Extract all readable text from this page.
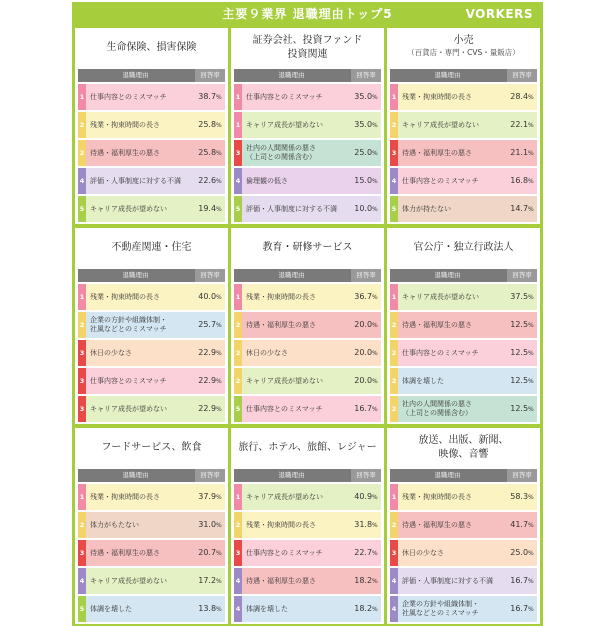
主要９業界 退職理由トップ5	VORKERS
生命保険、損害保険
退職理由	回答率
1 仕事内容とのミスマッチ	38.7%
2 残業・拘束時間の長さ	25.8%
2 待遇・福利厚生の悪さ	25.8%
4 評価・人事制度に対する不満	22.6%
5 キャリア成長が望めない	19.4%
証券会社、投資ファンド
投資関連
退職理由	回答率
1 仕事内容とのミスマッチ	35.0%
1 キャリア成長が望めない	35.0%
3
社内の人間関係の悪さ
（上司との関係含む）	25.0%
4 倫理観の低さ	15.0%
5 評価・人事制度に対する不満	10.0%
小売
（百貨店・専門・CVS・量販店）
退職理由	回答率
1 残業・拘束時間の長さ	28.4%
2 キャリア成長が望めない	22.1%
3 待遇・福利厚生の悪さ	21.1%
4 仕事内容とのミスマッチ	16.8%
5 体力が持たない	14.7%
不動産関連・住宅
退職理由	回答率
1 残業・拘束時間の長さ	40.0%
2
企業の方針や組織体制・
社風などとのミスマッチ	25.7%
3 休日の少なさ	22.9%
3 仕事内容とのミスマッチ	22.9%
3 キャリア成長が望めない	22.9%
教育・研修サービス
退職理由	回答率
1 残業・拘束時間の長さ	36.7%
2 待遇・福利厚生の悪さ	20.0%
2 休日の少なさ	20.0%
2 キャリア成長が望めない	20.0%
5 仕事内容とのミスマッチ	16.7%
官公庁・独立行政法人
退職理由	回答率
1 キャリア成長が望めない	37.5%
2 待遇・福利厚生の悪さ	12.5%
2 仕事内容とのミスマッチ	12.5%
2 体調を壊した	12.5%
2
社内の人間関係の悪さ
（上司との関係含む）	12.5%
フードサービス、飲食
退職理由	回答率
1 残業・拘束時間の長さ	37.9%
2 体力がもたない	31.0%
3 待遇・福利厚生の悪さ	20.7%
4 キャリア成長が望めない	17.2%
5 体調を壊した	13.8%
旅行、ホテル、旅館、レジャー
退職理由	回答率
1 キャリア成長が望めない	40.9%
2 残業・拘束時間の長さ	31.8%
3 仕事内容とのミスマッチ	22.7%
4 待遇・福利厚生の悪さ	18.2%
4 体調を壊した	18.2%
放送、出版、新聞、
映像、音響
退職理由	回答率
1 残業・拘束時間の長さ	58.3%
2 待遇・福利厚生の悪さ	41.7%
3 休日の少なさ	25.0%
4 評価・人事制度に対する不満	16.7%
4
企業の方針や組織体制・
社風などとのミスマッチ	16.7%
